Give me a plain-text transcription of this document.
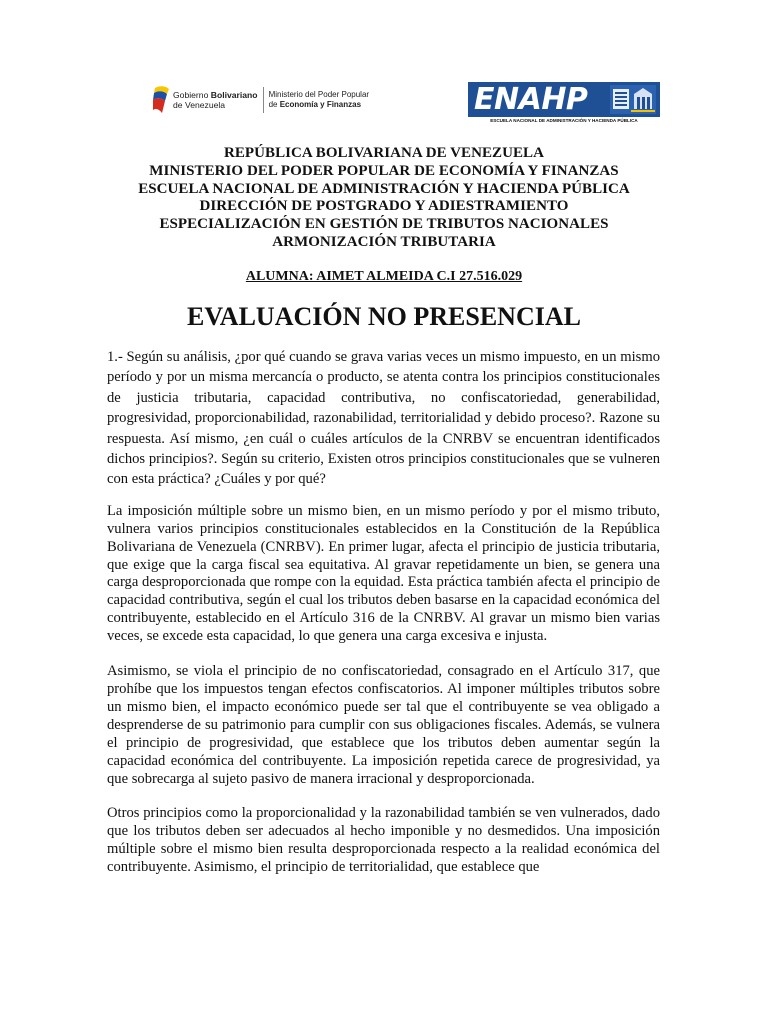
Gobierno Bolivariano
de Venezuela
Ministerio del Poder Popular
de Economía y Finanzas	ENAHP
ESCUELA NACIONAL DE ADMINISTRACIÓN Y HACIENDA PÚBLICA
REPÚBLICA BOLIVARIANA DE VENEZUELA
MINISTERIO DEL PODER POPULAR DE ECONOMÍA Y FINANZAS
ESCUELA NACIONAL DE ADMINISTRACIÓN Y HACIENDA PÚBLICA
DIRECCIÓN DE POSTGRADO Y ADIESTRAMIENTO
ESPECIALIZACIÓN EN GESTIÓN DE TRIBUTOS NACIONALES
ARMONIZACIÓN TRIBUTARIA
ALUMNA: AIMET ALMEIDA C.I 27.516.029
EVALUACIÓN NO PRESENCIAL

1.- Según su análisis, ¿por qué cuando se grava varias veces un mismo impuesto, en un mismo período y por un misma mercancía o producto, se atenta contra los principios constitucionales de justicia tributaria, capacidad contributiva, no confiscatoriedad, generabilidad, progresividad, proporcionabilidad, razonabilidad, territorialidad y debido proceso?. Razone su respuesta. Así mismo, ¿en cuál o cuáles artículos de la CNRBV se encuentran identificados dichos principios?. Según su criterio, Existen otros principios constitucionales que se vulneren con esta práctica? ¿Cuáles y por qué?

La imposición múltiple sobre un mismo bien, en un mismo período y por el mismo tributo, vulnera varios principios constitucionales establecidos en la Constitución de la República Bolivariana de Venezuela (CNRBV). En primer lugar, afecta el principio de justicia tributaria, que exige que la carga fiscal sea equitativa. Al gravar repetidamente un bien, se genera una carga desproporcionada que rompe con la equidad. Esta práctica también afecta el principio de capacidad contributiva, según el cual los tributos deben basarse en la capacidad económica del contribuyente, establecido en el Artículo 316 de la CNRBV. Al gravar un mismo bien varias veces, se excede esta capacidad, lo que genera una carga excesiva e injusta.

Asimismo, se viola el principio de no confiscatoriedad, consagrado en el Artículo 317, que prohíbe que los impuestos tengan efectos confiscatorios. Al imponer múltiples tributos sobre un mismo bien, el impacto económico puede ser tal que el contribuyente se vea obligado a desprenderse de su patrimonio para cumplir con sus obligaciones fiscales. Además, se vulnera el principio de progresividad, que establece que los tributos deben aumentar según la capacidad económica del contribuyente. La imposición repetida carece de progresividad, ya que sobrecarga al sujeto pasivo de manera irracional y desproporcionada.

Otros principios como la proporcionalidad y la razonabilidad también se ven vulnerados, dado que los tributos deben ser adecuados al hecho imponible y no desmedidos. Una imposición múltiple sobre el mismo bien resulta desproporcionada respecto a la realidad económica del contribuyente. Asimismo, el principio de territorialidad, que establece que
